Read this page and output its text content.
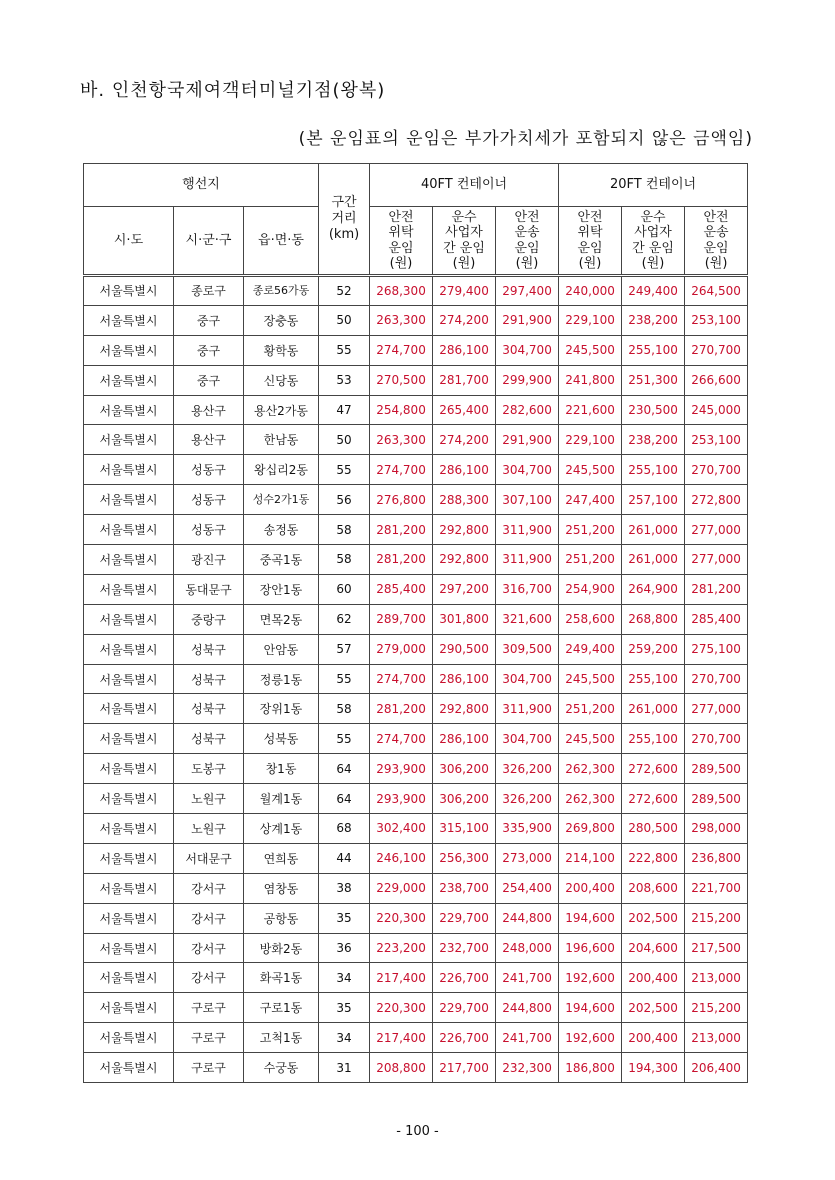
바. 인천항국제여객터미널기점(왕복)
(본 운임표의 운임은 부가가치세가 포함되지 않은 금액임)
행선지			구간
거리
(km)	40FT 컨테이너			20FT 컨테이너		
시·도	시·군·구	읍·면·동		안전
위탁
운임
(원)	운수
사업자
간 운임
(원)	안전
운송
운임
(원)	안전
위탁
운임
(원)	운수
사업자
간 운임
(원)	안전
운송
운임
(원)
서울특별시	종로구	종로56가동	52	268,300	279,400	297,400	240,000	249,400	264,500
서울특별시	중구	장충동	50	263,300	274,200	291,900	229,100	238,200	253,100
서울특별시	중구	황학동	55	274,700	286,100	304,700	245,500	255,100	270,700
서울특별시	중구	신당동	53	270,500	281,700	299,900	241,800	251,300	266,600
서울특별시	용산구	용산2가동	47	254,800	265,400	282,600	221,600	230,500	245,000
서울특별시	용산구	한남동	50	263,300	274,200	291,900	229,100	238,200	253,100
서울특별시	성동구	왕십리2동	55	274,700	286,100	304,700	245,500	255,100	270,700
서울특별시	성동구	성수2가1동	56	276,800	288,300	307,100	247,400	257,100	272,800
서울특별시	성동구	송정동	58	281,200	292,800	311,900	251,200	261,000	277,000
서울특별시	광진구	중곡1동	58	281,200	292,800	311,900	251,200	261,000	277,000
서울특별시	동대문구	장안1동	60	285,400	297,200	316,700	254,900	264,900	281,200
서울특별시	중랑구	면목2동	62	289,700	301,800	321,600	258,600	268,800	285,400
서울특별시	성북구	안암동	57	279,000	290,500	309,500	249,400	259,200	275,100
서울특별시	성북구	정릉1동	55	274,700	286,100	304,700	245,500	255,100	270,700
서울특별시	성북구	장위1동	58	281,200	292,800	311,900	251,200	261,000	277,000
서울특별시	성북구	성북동	55	274,700	286,100	304,700	245,500	255,100	270,700
서울특별시	도봉구	창1동	64	293,900	306,200	326,200	262,300	272,600	289,500
서울특별시	노원구	월계1동	64	293,900	306,200	326,200	262,300	272,600	289,500
서울특별시	노원구	상계1동	68	302,400	315,100	335,900	269,800	280,500	298,000
서울특별시	서대문구	연희동	44	246,100	256,300	273,000	214,100	222,800	236,800
서울특별시	강서구	염창동	38	229,000	238,700	254,400	200,400	208,600	221,700
서울특별시	강서구	공항동	35	220,300	229,700	244,800	194,600	202,500	215,200
서울특별시	강서구	방화2동	36	223,200	232,700	248,000	196,600	204,600	217,500
서울특별시	강서구	화곡1동	34	217,400	226,700	241,700	192,600	200,400	213,000
서울특별시	구로구	구로1동	35	220,300	229,700	244,800	194,600	202,500	215,200
서울특별시	구로구	고척1동	34	217,400	226,700	241,700	192,600	200,400	213,000
서울특별시	구로구	수궁동	31	208,800	217,700	232,300	186,800	194,300	206,400
- 100 -
